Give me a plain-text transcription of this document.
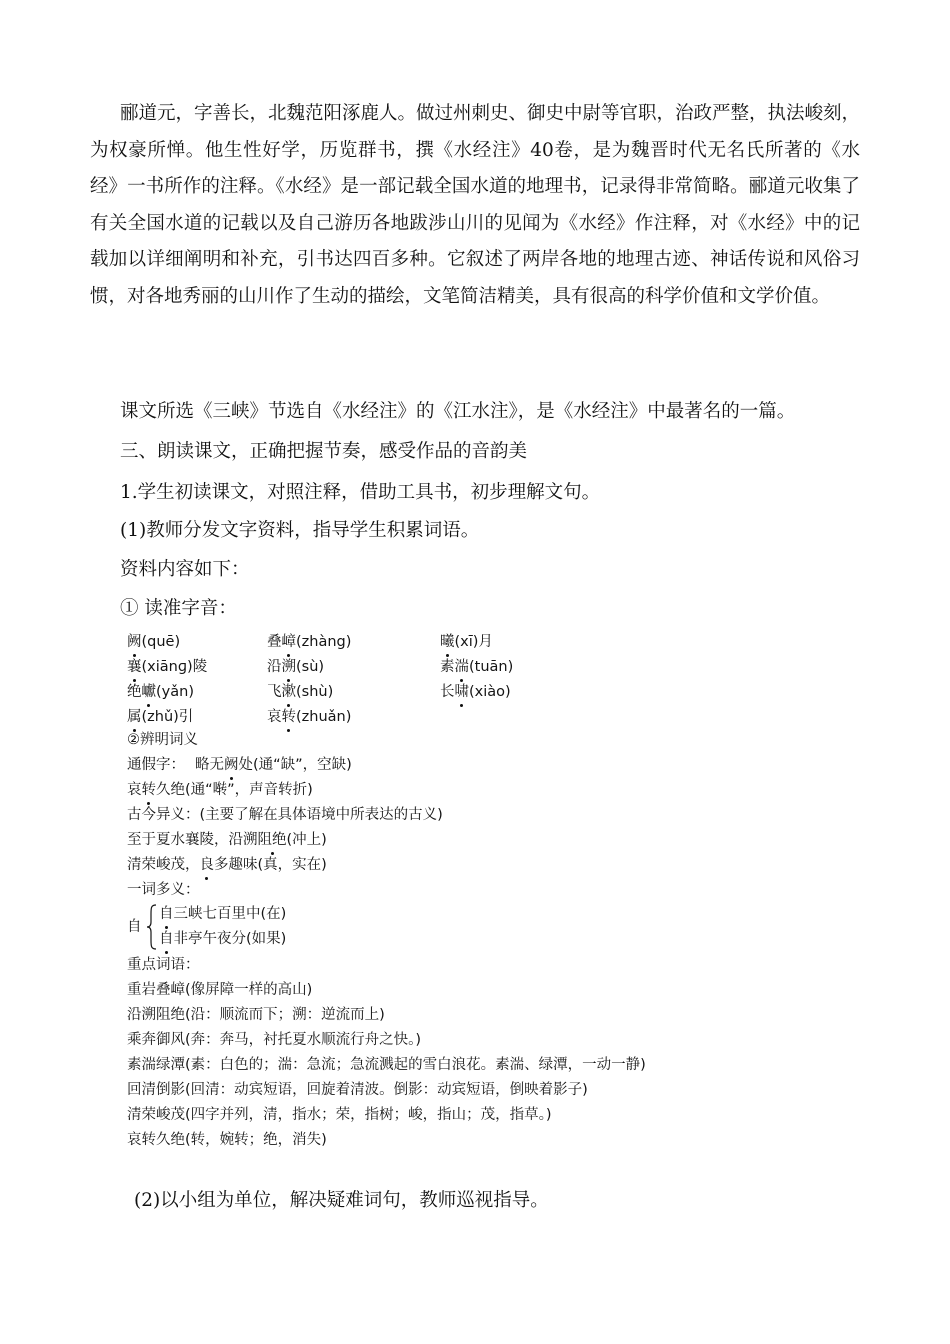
郦道元，字善长，北魏范阳涿鹿人。做过州刺史、御史中尉等官职，治政严整，执法峻刻，为权豪所惮。他生性好学，历览群书，撰《水经注》40卷，是为魏晋时代无名氏所著的《水经》一书所作的注释。《水经》是一部记载全国水道的地理书，记录得非常简略。郦道元收集了有关全国水道的记载以及自己游历各地跋涉山川的见闻为《水经》作注释，对《水经》中的记载加以详细阐明和补充，引书达四百多种。它叙述了两岸各地的地理古迹、神话传说和风俗习惯，对各地秀丽的山川作了生动的描绘，文笔简洁精美，具有很高的科学价值和文学价值。

课文所选《三峡》节选自《水经注》的《江水注》，是《水经注》中最著名的一篇。
三、朗读课文，正确把握节奏，感受作品的音韵美
1.学生初读课文，对照注释，借助工具书，初步理解文句。
(1)教师分发文字资料，指导学生积累词语。
资料内容如下：
① 读准字音：
阙(quē)	叠嶂(zhàng)	曦(xī)月
襄(xiānɡ)陵	沿溯(sù)	素湍(tuān)
绝巘(yǎn)	飞漱(shù)	长啸(xiào)
属(zhǔ)引	哀转(zhuǎn)
②辨明词义
通假字： 略无阙处(通“缺”，空缺)
哀转久绝(通“啭”，声音转折)
古今异义：(主要了解在具体语境中所表达的古义)
至于夏水襄陵，沿溯阻绝(冲上)
清荣峻茂，良多趣味(真，实在)
一词多义：
自
自三峡七百里中(在)
自非亭午夜分(如果)
重点词语：
重岩叠嶂(像屏障一样的高山)
沿溯阻绝(沿：顺流而下；溯：逆流而上)
乘奔御风(奔：奔马，衬托夏水顺流行舟之快。)
素湍绿潭(素：白色的；湍：急流；急流溅起的雪白浪花。素湍、绿潭，一动一静)
回清倒影(回清：动宾短语，回旋着清波。倒影：动宾短语，倒映着影子)
清荣峻茂(四字并列，清，指水；荣，指树；峻，指山；茂，指草。)
哀转久绝(转，婉转；绝，消失)
(2)以小组为单位，解决疑难词句，教师巡视指导。
